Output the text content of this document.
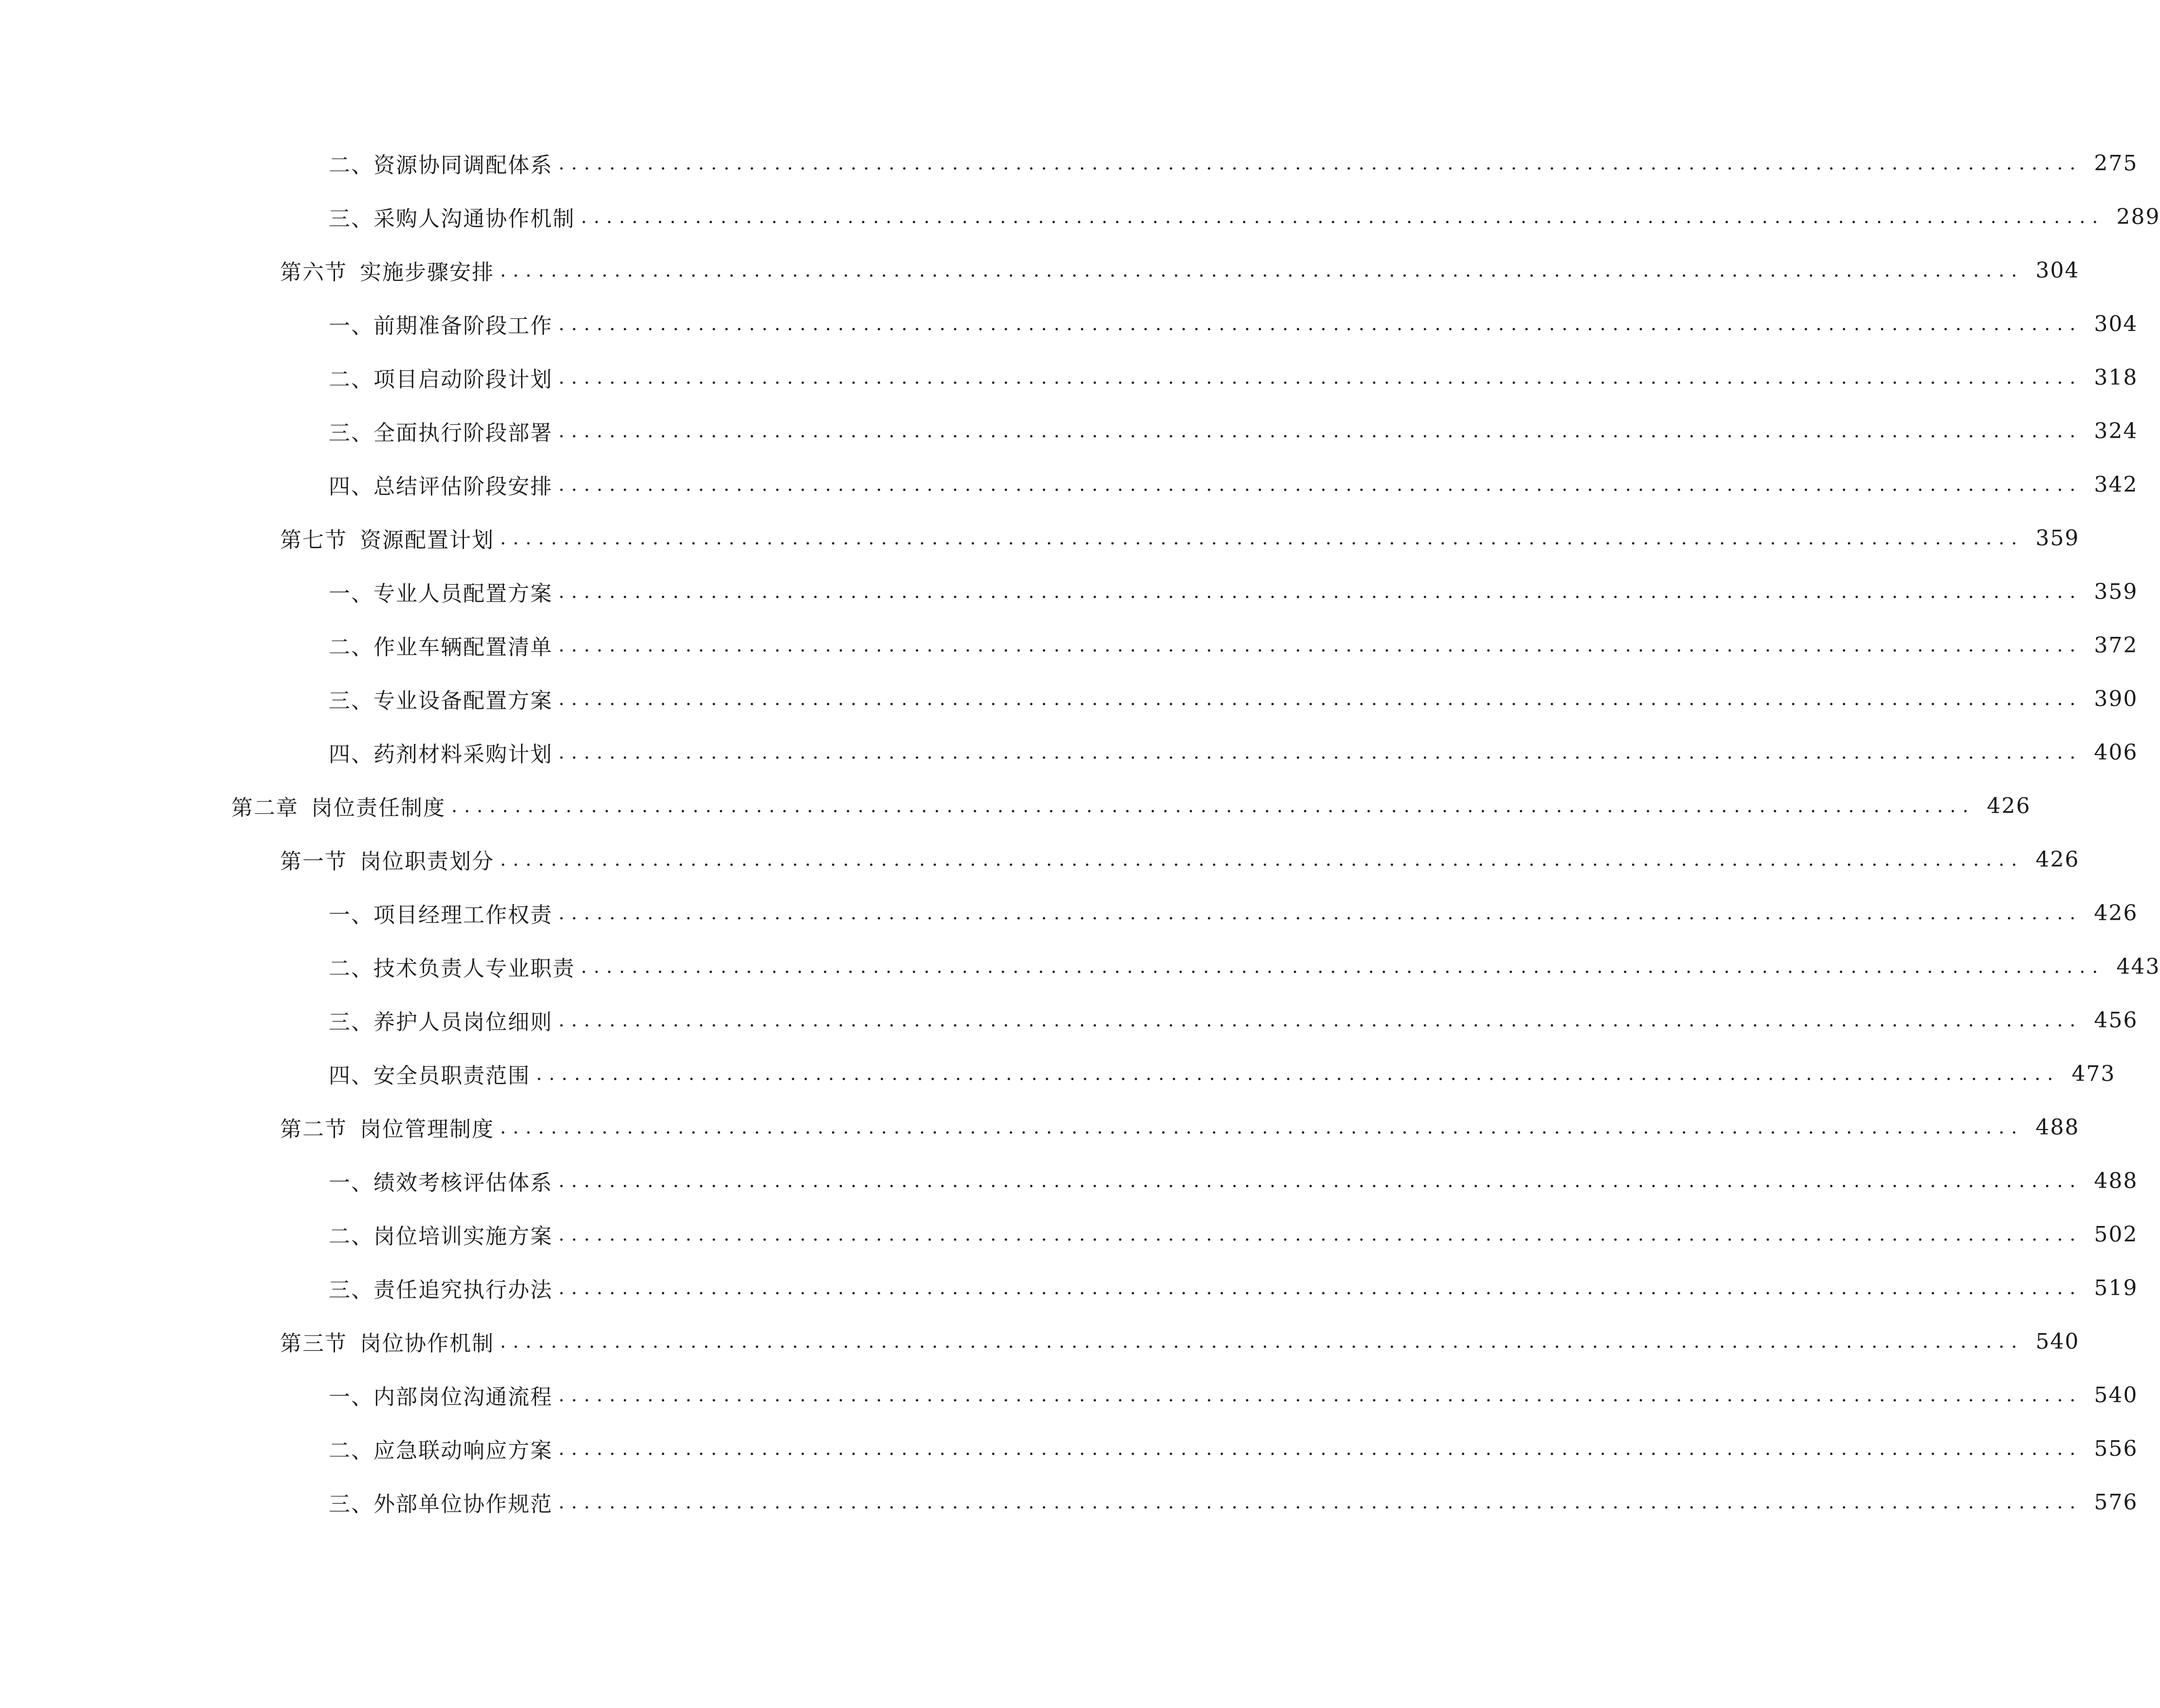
二、 资源协同调配体系 ........................................................................................................................ 275
三、 采购人沟通协作机制 ........................................................................................................................ 289
第六节 实施步骤安排 ........................................................................................................................ 304
一、 前期准备阶段工作 ........................................................................................................................ 304
二、 项目启动阶段计划 ........................................................................................................................ 318
三、 全面执行阶段部署 ........................................................................................................................ 324
四、 总结评估阶段安排 ........................................................................................................................ 342
第七节 资源配置计划 ........................................................................................................................ 359
一、 专业人员配置方案 ........................................................................................................................ 359
二、 作业车辆配置清单 ........................................................................................................................ 372
三、 专业设备配置方案 ........................................................................................................................ 390
四、 药剂材料采购计划 ........................................................................................................................ 406
第二章 岗位责任制度 ........................................................................................................................ 426
第一节 岗位职责划分 ........................................................................................................................ 426
一、 项目经理工作权责 ........................................................................................................................ 426
二、 技术负责人专业职责 ........................................................................................................................ 443
三、 养护人员岗位细则 ........................................................................................................................ 456
四、 安全员职责范围 ........................................................................................................................ 473
第二节 岗位管理制度 ........................................................................................................................ 488
一、 绩效考核评估体系 ........................................................................................................................ 488
二、 岗位培训实施方案 ........................................................................................................................ 502
三、 责任追究执行办法 ........................................................................................................................ 519
第三节 岗位协作机制 ........................................................................................................................ 540
一、 内部岗位沟通流程 ........................................................................................................................ 540
二、 应急联动响应方案 ........................................................................................................................ 556
三、 外部单位协作规范 ........................................................................................................................ 576
